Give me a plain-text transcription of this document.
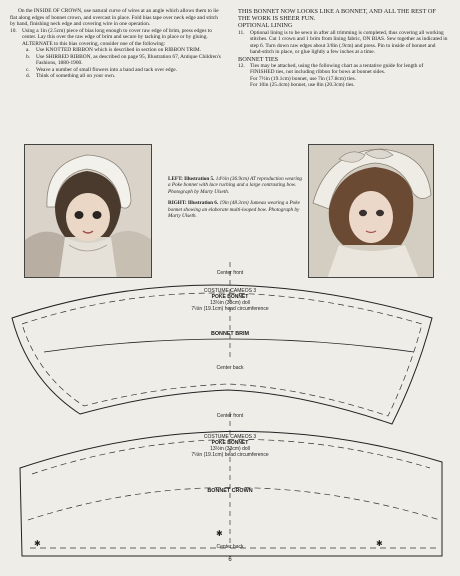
On the INSIDE OF CROWN, use natural curve of wires at an angle which allows them to lie flat along edges of bonnet crown, and overcast in place. Fold bias tape over neck edge and stitch by hand, finishing neck edge and covering wire in one operation.

10. Using a 1in (2.5cm) piece of bias long enough to cover raw edge of brim, press edges to center. Lay this over the raw edge of brim and secure by tacking in place or by gluing.

ALTERNATE to this bias covering, consider one of the following:

a.	Use KNOTTED RIBBON which is described in section on RIBBON TRIM.
b.	Use SHIRRED RIBBON, as described on page 95, Illustration 67, Antique Children's Fashions, 1880-1900.
c.	Weave a number of small flowers into a band and tack over edge.
d.	Think of something all on your own.

THIS BONNET NOW LOOKS LIKE A BONNET, AND ALL THE REST OF THE WORK IS SHEER FUN.

OPTIONAL LINING

11.	Optional lining is to be sewn in after all trimming is completed, thus covering all working stitches. Cut 1 crown and 1 brim from lining fabric, ON BIAS. Sew together as indicated in step 6. Turn down raw edges about 3/8in (.9cm) and press. Pin to inside of bonnet and hand-stitch in place, or glue lightly a few inches at a time.

BONNET TIES

12. Ties may be attached, using the following chart as a tentative guide for length of FINISHED ties, not including ribbon for bows at bonnet sides.

For 7½in (19.1cm) bonnet, use 7in (17.8cm) ties.

For 10in (25.4cm) bonnet, use 8in (20.3cm) ties.

LEFT: Illustration 5. 14½in (36.9cm) AT reproduction wearing a Poke bonnet with lace ruching and a large contrasting bow. Photograph by Marty Ulseth.

RIGHT: Illustration 6. 19in (48.3cm) Jumeau wearing a Poke bonnet showing an elaborate multi-looped bow. Photograph by Marty Ulseth.

✱
✱
✱
Center front
COSTUME CAMEOS 3
POKE BONNET
13½in (33cm) doll
7½in (19.1cm) head circumference
BONNET BRIM
Center back
Center front
COSTUME CAMEOS 3
POKE BONNET
13½in (33cm) doll
7½in (19.1cm) bead circumference
BONNET CROWN
Center back
6
